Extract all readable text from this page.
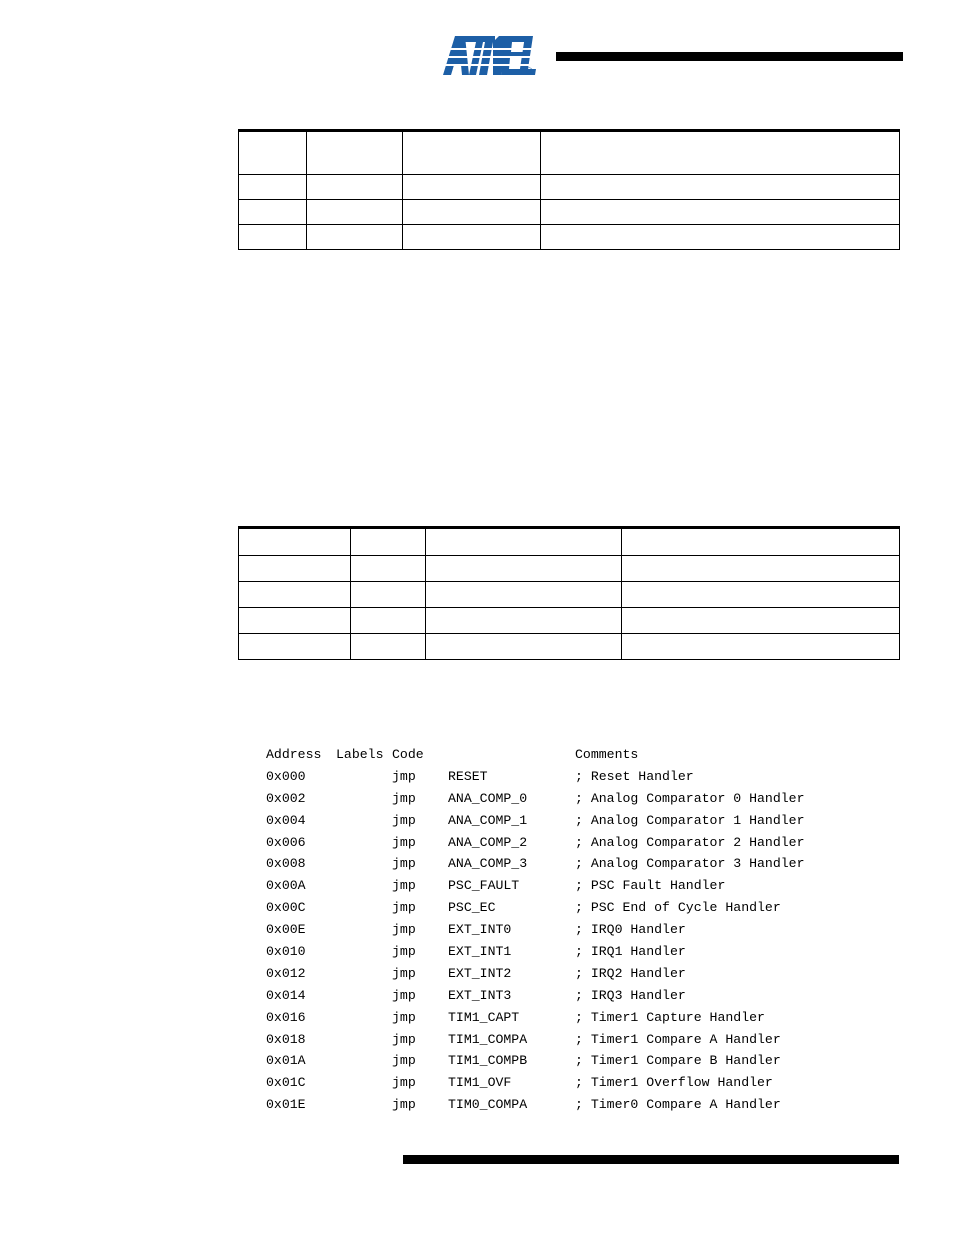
®

Address Labels Code	Comments
0x000	jmp RESET	; Reset Handler
0x002	jmp ANA_COMP_0	; Analog Comparator 0 Handler
0x004	jmp ANA_COMP_1	; Analog Comparator 1 Handler
0x006	jmp ANA_COMP_2	; Analog Comparator 2 Handler
0x008	jmp ANA_COMP_3	; Analog Comparator 3 Handler
0x00A	jmp PSC_FAULT	; PSC Fault Handler
0x00C	jmp PSC_EC	; PSC End of Cycle Handler
0x00E	jmp EXT_INT0	; IRQ0 Handler
0x010	jmp EXT_INT1	; IRQ1 Handler
0x012	jmp EXT_INT2	; IRQ2 Handler
0x014	jmp EXT_INT3	; IRQ3 Handler
0x016	jmp TIM1_CAPT	; Timer1 Capture Handler
0x018	jmp TIM1_COMPA	; Timer1 Compare A Handler
0x01A	jmp TIM1_COMPB	; Timer1 Compare B Handler
0x01C	jmp TIM1_OVF	; Timer1 Overflow Handler
0x01E	jmp TIM0_COMPA	; Timer0 Compare A Handler
